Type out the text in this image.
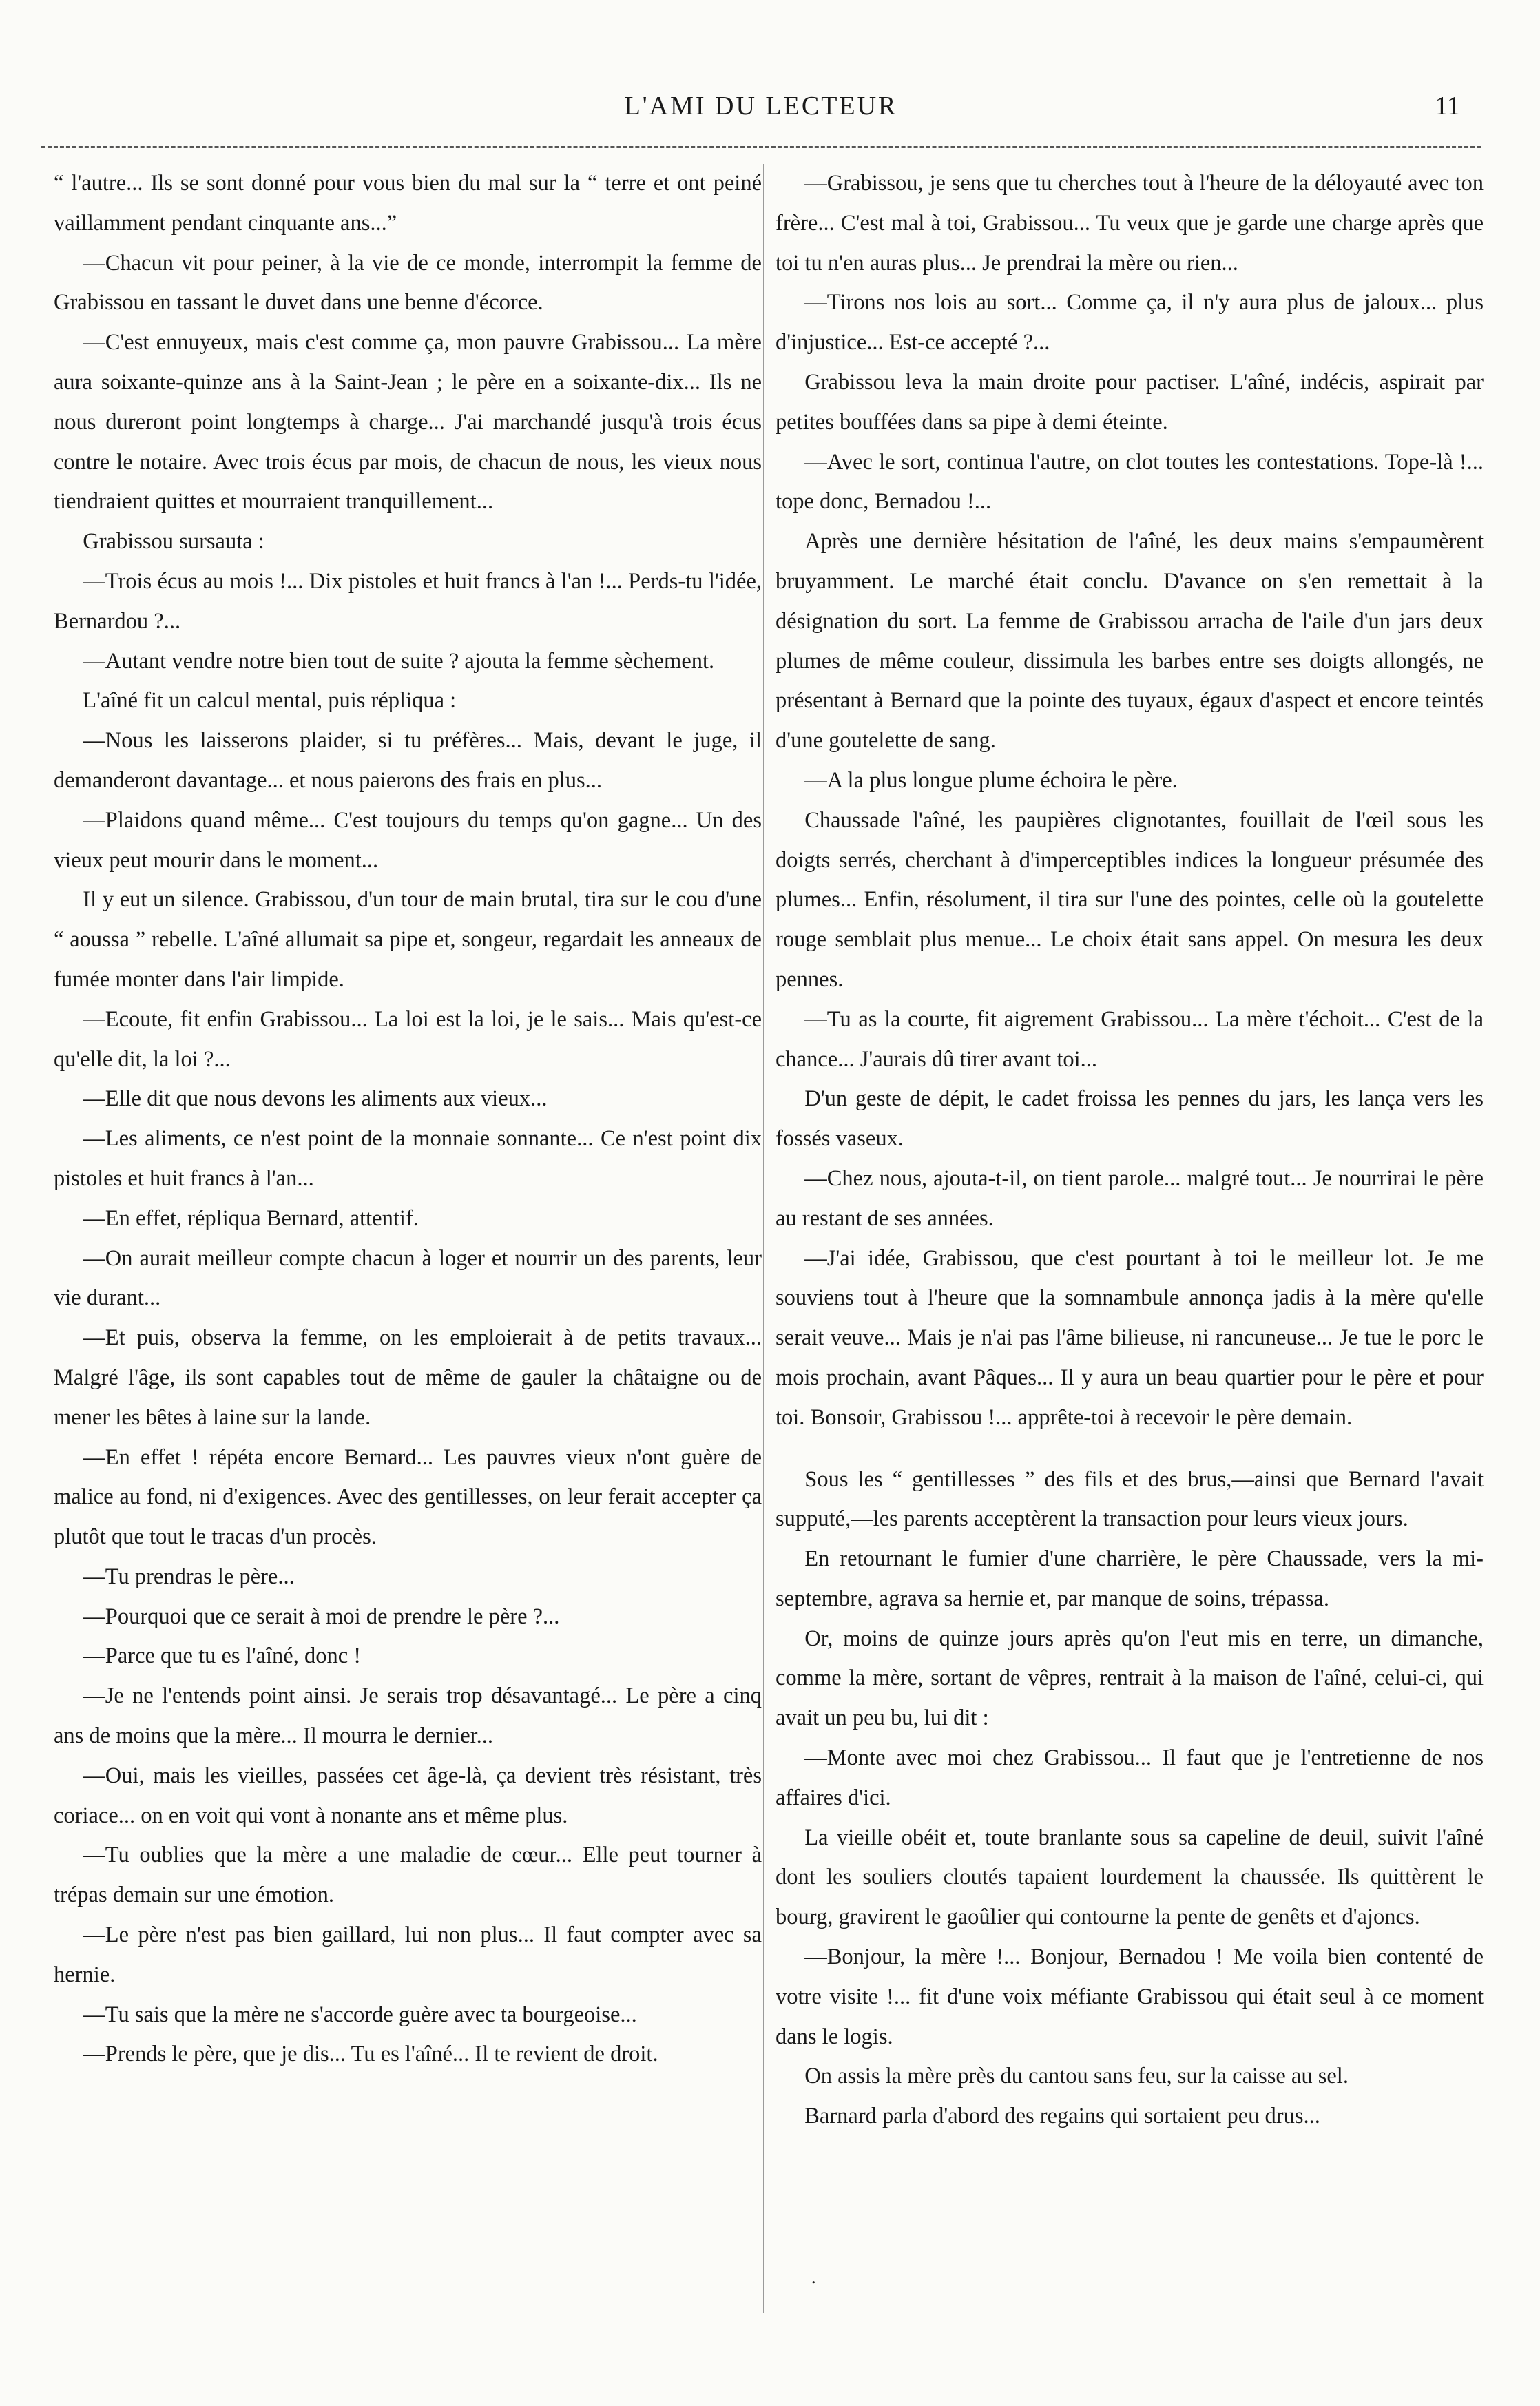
L'AMI DU LECTEUR	11

“ l'autre... Ils se sont donné pour vous bien du mal sur la “ terre et ont peiné vaillamment pendant cinquante ans...”

—Chacun vit pour peiner, à la vie de ce monde, interrompit la femme de Grabissou en tassant le duvet dans une benne d'écorce.

—C'est ennuyeux, mais c'est comme ça, mon pauvre Grabissou... La mère aura soixante-quinze ans à la Saint-Jean ; le père en a soixante-dix... Ils ne nous dureront point longtemps à charge... J'ai marchandé jusqu'à trois écus contre le notaire. Avec trois écus par mois, de chacun de nous, les vieux nous tiendraient quittes et mourraient tranquillement...

Grabissou sursauta :

—Trois écus au mois !... Dix pistoles et huit francs à l'an !... Perds-tu l'idée, Bernardou ?...

—Autant vendre notre bien tout de suite ? ajouta la femme sèchement.

L'aîné fit un calcul mental, puis répliqua :

—Nous les laisserons plaider, si tu préfères... Mais, devant le juge, il demanderont davantage... et nous paierons des frais en plus...

—Plaidons quand même... C'est toujours du temps qu'on gagne... Un des vieux peut mourir dans le moment...

Il y eut un silence. Grabissou, d'un tour de main brutal, tira sur le cou d'une “ aoussa ” rebelle. L'aîné allumait sa pipe et, songeur, regardait les anneaux de fumée monter dans l'air limpide.

—Ecoute, fit enfin Grabissou... La loi est la loi, je le sais... Mais qu'est-ce qu'elle dit, la loi ?...

—Elle dit que nous devons les aliments aux vieux...

—Les aliments, ce n'est point de la monnaie sonnante... Ce n'est point dix pistoles et huit francs à l'an...

—En effet, répliqua Bernard, attentif.

—On aurait meilleur compte chacun à loger et nourrir un des parents, leur vie durant...

—Et puis, observa la femme, on les emploierait à de petits travaux... Malgré l'âge, ils sont capables tout de même de gauler la châtaigne ou de mener les bêtes à laine sur la lande.

—En effet ! répéta encore Bernard... Les pauvres vieux n'ont guère de malice au fond, ni d'exigences. Avec des gentillesses, on leur ferait accepter ça plutôt que tout le tracas d'un procès.

—Tu prendras le père...

—Pourquoi que ce serait à moi de prendre le père ?...

—Parce que tu es l'aîné, donc !

—Je ne l'entends point ainsi. Je serais trop désavantagé... Le père a cinq ans de moins que la mère... Il mourra le dernier...

—Oui, mais les vieilles, passées cet âge-là, ça devient très résistant, très coriace... on en voit qui vont à nonante ans et même plus.

—Tu oublies que la mère a une maladie de cœur... Elle peut tourner à trépas demain sur une émotion.

—Le père n'est pas bien gaillard, lui non plus... Il faut compter avec sa hernie.

—Tu sais que la mère ne s'accorde guère avec ta bourgeoise...

—Prends le père, que je dis... Tu es l'aîné... Il te revient de droit.

—Grabissou, je sens que tu cherches tout à l'heure de la déloyauté avec ton frère... C'est mal à toi, Grabissou... Tu veux que je garde une charge après que toi tu n'en auras plus... Je prendrai la mère ou rien...

—Tirons nos lois au sort... Comme ça, il n'y aura plus de jaloux... plus d'injustice... Est-ce accepté ?...

Grabissou leva la main droite pour pactiser. L'aîné, indécis, aspirait par petites bouffées dans sa pipe à demi éteinte.

—Avec le sort, continua l'autre, on clot toutes les contestations. Tope-là !... tope donc, Bernadou !...

Après une dernière hésitation de l'aîné, les deux mains s'empaumèrent bruyamment. Le marché était conclu. D'avance on s'en remettait à la désignation du sort. La femme de Grabissou arracha de l'aile d'un jars deux plumes de même couleur, dissimula les barbes entre ses doigts allongés, ne présentant à Bernard que la pointe des tuyaux, égaux d'aspect et encore teintés d'une goutelette de sang.

—A la plus longue plume échoira le père.

Chaussade l'aîné, les paupières clignotantes, fouillait de l'œil sous les doigts serrés, cherchant à d'imperceptibles indices la longueur présumée des plumes... Enfin, résolument, il tira sur l'une des pointes, celle où la goutelette rouge semblait plus menue... Le choix était sans appel. On mesura les deux pennes.

—Tu as la courte, fit aigrement Grabissou... La mère t'échoit... C'est de la chance... J'aurais dû tirer avant toi...

D'un geste de dépit, le cadet froissa les pennes du jars, les lança vers les fossés vaseux.

—Chez nous, ajouta-t-il, on tient parole... malgré tout... Je nourrirai le père au restant de ses années.

—J'ai idée, Grabissou, que c'est pourtant à toi le meilleur lot. Je me souviens tout à l'heure que la somnambule annonça jadis à la mère qu'elle serait veuve... Mais je n'ai pas l'âme bilieuse, ni rancuneuse... Je tue le porc le mois prochain, avant Pâques... Il y aura un beau quartier pour le père et pour toi. Bonsoir, Grabissou !... apprête-toi à recevoir le père demain.

Sous les “ gentillesses ” des fils et des brus,—ainsi que Bernard l'avait supputé,—les parents acceptèrent la transaction pour leurs vieux jours.

En retournant le fumier d'une charrière, le père Chaussade, vers la mi-septembre, agrava sa hernie et, par manque de soins, trépassa.

Or, moins de quinze jours après qu'on l'eut mis en terre, un dimanche, comme la mère, sortant de vêpres, rentrait à la maison de l'aîné, celui-ci, qui avait un peu bu, lui dit :

—Monte avec moi chez Grabissou... Il faut que je l'entretienne de nos affaires d'ici.

La vieille obéit et, toute branlante sous sa capeline de deuil, suivit l'aîné dont les souliers cloutés tapaient lourdement la chaussée. Ils quittèrent le bourg, gravirent le gaoûlier qui contourne la pente de genêts et d'ajoncs.

—Bonjour, la mère !... Bonjour, Bernadou ! Me voila bien contenté de votre visite !... fit d'une voix méfiante Grabissou qui était seul à ce moment dans le logis.

On assis la mère près du cantou sans feu, sur la caisse au sel.

Barnard parla d'abord des regains qui sortaient peu drus...

.
